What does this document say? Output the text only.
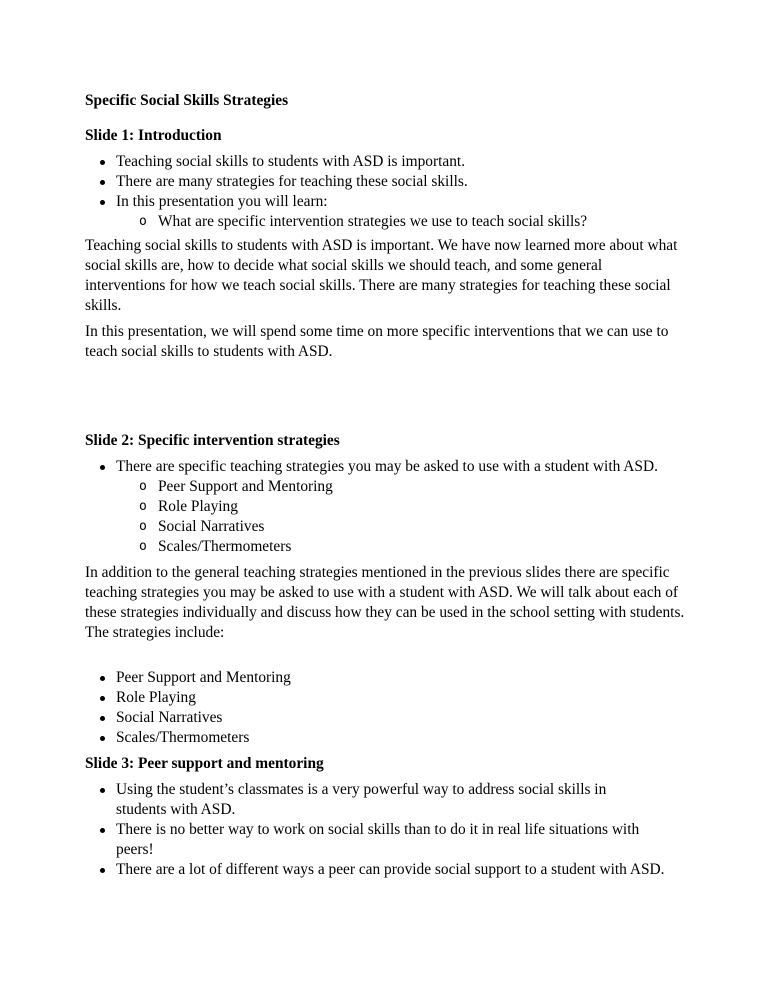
Specific Social Skills Strategies
Slide 1: Introduction
Teaching social skills to students with ASD is important.
There are many strategies for teaching these social skills.
In this presentation you will learn:
o What are specific intervention strategies we use to teach social skills?
Teaching social skills to students with ASD is important. We have now learned more about what social skills are, how to decide what social skills we should teach, and some general interventions for how we teach social skills. There are many strategies for teaching these social skills.
In this presentation, we will spend some time on more specific interventions that we can use to teach social skills to students with ASD.
Slide 2: Specific intervention strategies
There are specific teaching strategies you may be asked to use with a student with ASD.
o Peer Support and Mentoring
o Role Playing
o Social Narratives
o Scales/Thermometers
In addition to the general teaching strategies mentioned in the previous slides there are specific teaching strategies you may be asked to use with a student with ASD. We will talk about each of these strategies individually and discuss how they can be used in the school setting with students. The strategies include:
Peer Support and Mentoring
Role Playing
Social Narratives
Scales/Thermometers
Slide 3: Peer support and mentoring
Using the student’s classmates is a very powerful way to address social skills in students with ASD.
There is no better way to work on social skills than to do it in real life situations with peers!
There are a lot of different ways a peer can provide social support to a student with ASD.
